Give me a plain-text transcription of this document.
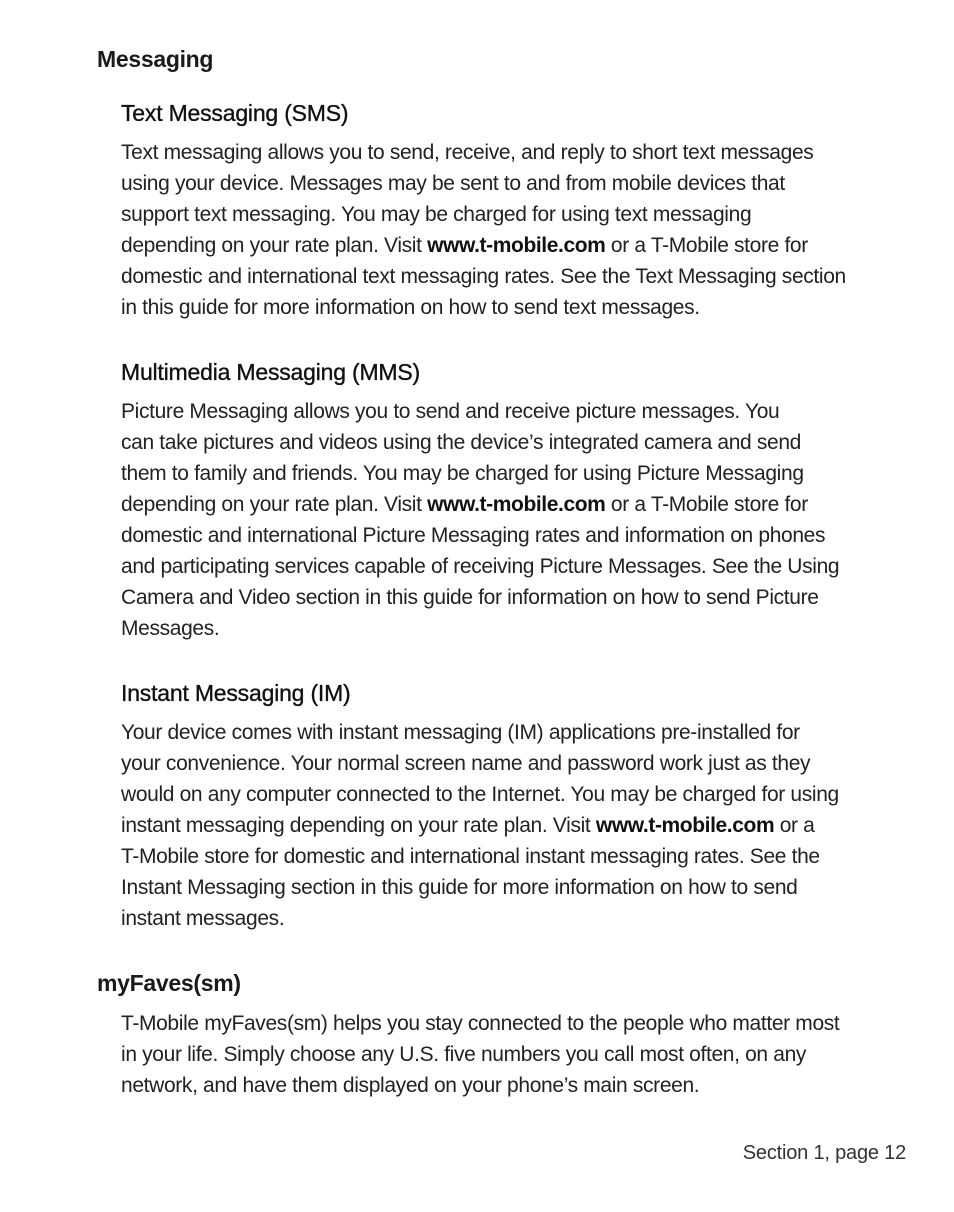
Messaging
Text Messaging (SMS)
Text messaging allows you to send, receive, and reply to short text messages
using your device. Messages may be sent to and from mobile devices that
support text messaging. You may be charged for using text messaging
depending on your rate plan. Visit www.t-mobile.com or a T-Mobile store for
domestic and international text messaging rates. See the Text Messaging section
in this guide for more information on how to send text messages.
Multimedia Messaging (MMS)
Picture Messaging allows you to send and receive picture messages. You
can take pictures and videos using the device’s integrated camera and send
them to family and friends. You may be charged for using Picture Messaging
depending on your rate plan. Visit www.t-mobile.com or a T-Mobile store for
domestic and international Picture Messaging rates and information on phones
and participating services capable of receiving Picture Messages. See the Using
Camera and Video section in this guide for information on how to send Picture
Messages.
Instant Messaging (IM)
Your device comes with instant messaging (IM) applications pre-installed for
your convenience. Your normal screen name and password work just as they
would on any computer connected to the Internet. You may be charged for using
instant messaging depending on your rate plan. Visit www.t-mobile.com or a
T-Mobile store for domestic and international instant messaging rates. See the
Instant Messaging section in this guide for more information on how to send
instant messages.
myFaves(sm)
T-Mobile myFaves(sm) helps you stay connected to the people who matter most
in your life. Simply choose any U.S. five numbers you call most often, on any
network, and have them displayed on your phone’s main screen.
Section 1, page 12
